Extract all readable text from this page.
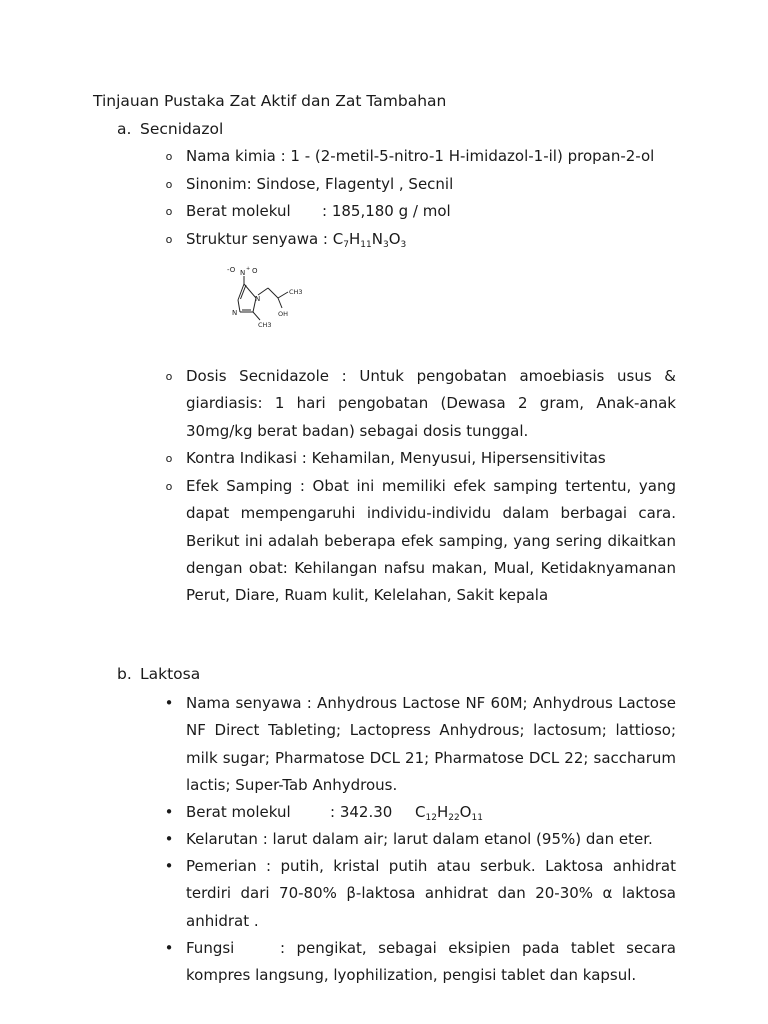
Tinjauan Pustaka Zat Aktif dan Zat Tambahan
a. Secnidazol
o Nama kimia : 1 - (2-metil-5-nitro-1 H-imidazol-1-il) propan-2-ol
o Sinonim: Sindose, Flagentyl , Secnil
o Berat molekul : 185,180 g / mol
o Struktur senyawa : $C_7H_{11}N_3O_3$
-O N + O
N
N
CH3
OH
CH3
o Dosis Secnidazole : Untuk pengobatan amoebiasis usus & giardiasis: 1 hari pengobatan (Dewasa 2 gram, Anak-anak 30mg/kg berat badan) sebagai dosis tunggal.
o Kontra Indikasi : Kehamilan, Menyusui, Hipersensitivitas
o Efek Samping : Obat ini memiliki efek samping tertentu, yang dapat mempengaruhi individu-individu dalam berbagai cara. Berikut ini adalah beberapa efek samping, yang sering dikaitkan dengan obat: Kehilangan nafsu makan, Mual, Ketidaknyamanan Perut, Diare, Ruam kulit, Kelelahan, Sakit kepala
b. Laktosa
• Nama senyawa : Anhydrous Lactose NF 60M; Anhydrous Lactose NF Direct Tableting; Lactopress Anhydrous; lactosum; lattioso; milk sugar; Pharmatose DCL 21; Pharmatose DCL 22; saccharum lactis; Super-Tab Anhydrous.
• Berat molekul	: 342.30 $C_{12}H_{22}O_{11}$
• Kelarutan : larut dalam air; larut dalam etanol (95%) dan eter.
• Pemerian : putih, kristal putih atau serbuk. Laktosa anhidrat terdiri dari 70-80% β-laktosa anhidrat dan 20-30% α laktosa anhidrat .
• Fungsi	: pengikat, sebagai eksipien pada tablet secara kompres langsung, lyophilization, pengisi tablet dan kapsul.
